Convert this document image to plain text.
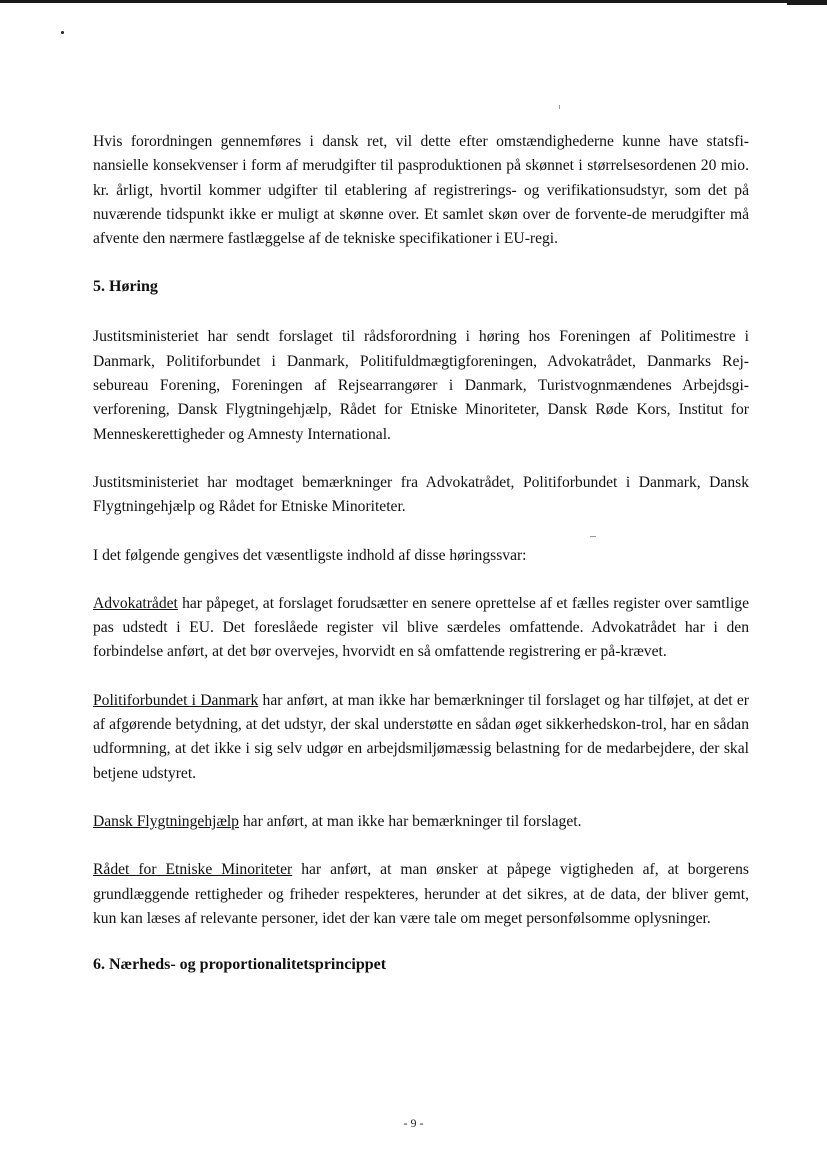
Hvis forordningen gennemføres i dansk ret, vil dette efter omstændighederne kunne have statsfi-nansielle konsekvenser i form af merudgifter til pasproduktionen på skønnet i størrelsesordenen 20 mio. kr. årligt, hvortil kommer udgifter til etablering af registrerings- og verifikationsudstyr, som det på nuværende tidspunkt ikke er muligt at skønne over. Et samlet skøn over de forvente-de merudgifter må afvente den nærmere fastlæggelse af de tekniske specifikationer i EU-regi.

5. Høring

Justitsministeriet har sendt forslaget til rådsforordning i høring hos Foreningen af Politimestre i Danmark, Politiforbundet i Danmark, Politifuldmægtigforeningen, Advokatrådet, Danmarks Rej-sebureau Forening, Foreningen af Rejsearrangører i Danmark, Turistvognmændenes Arbejdsgi-verforening, Dansk Flygtningehjælp, Rådet for Etniske Minoriteter, Dansk Røde Kors, Institut for Menneskerettigheder og Amnesty International.

Justitsministeriet har modtaget bemærkninger fra Advokatrådet, Politiforbundet i Danmark, Dansk Flygtningehjælp og Rådet for Etniske Minoriteter.

I det følgende gengives det væsentligste indhold af disse høringssvar:

Advokatrådet har påpeget, at forslaget forudsætter en senere oprettelse af et fælles register over samtlige pas udstedt i EU. Det foreslåede register vil blive særdeles omfattende. Advokatrådet har i den forbindelse anført, at det bør overvejes, hvorvidt en så omfattende registrering er på-krævet.

Politiforbundet i Danmark har anført, at man ikke har bemærkninger til forslaget og har tilføjet, at det er af afgørende betydning, at det udstyr, der skal understøtte en sådan øget sikkerhedskon-trol, har en sådan udformning, at det ikke i sig selv udgør en arbejdsmiljømæssig belastning for de medarbejdere, der skal betjene udstyret.

Dansk Flygtningehjælp har anført, at man ikke har bemærkninger til forslaget.

Rådet for Etniske Minoriteter har anført, at man ønsker at påpege vigtigheden af, at borgerens grundlæggende rettigheder og friheder respekteres, herunder at det sikres, at de data, der bliver gemt, kun kan læses af relevante personer, idet der kan være tale om meget personfølsomme oplysninger.

6. Nærheds- og proportionalitetsprincippet
- 9 -
